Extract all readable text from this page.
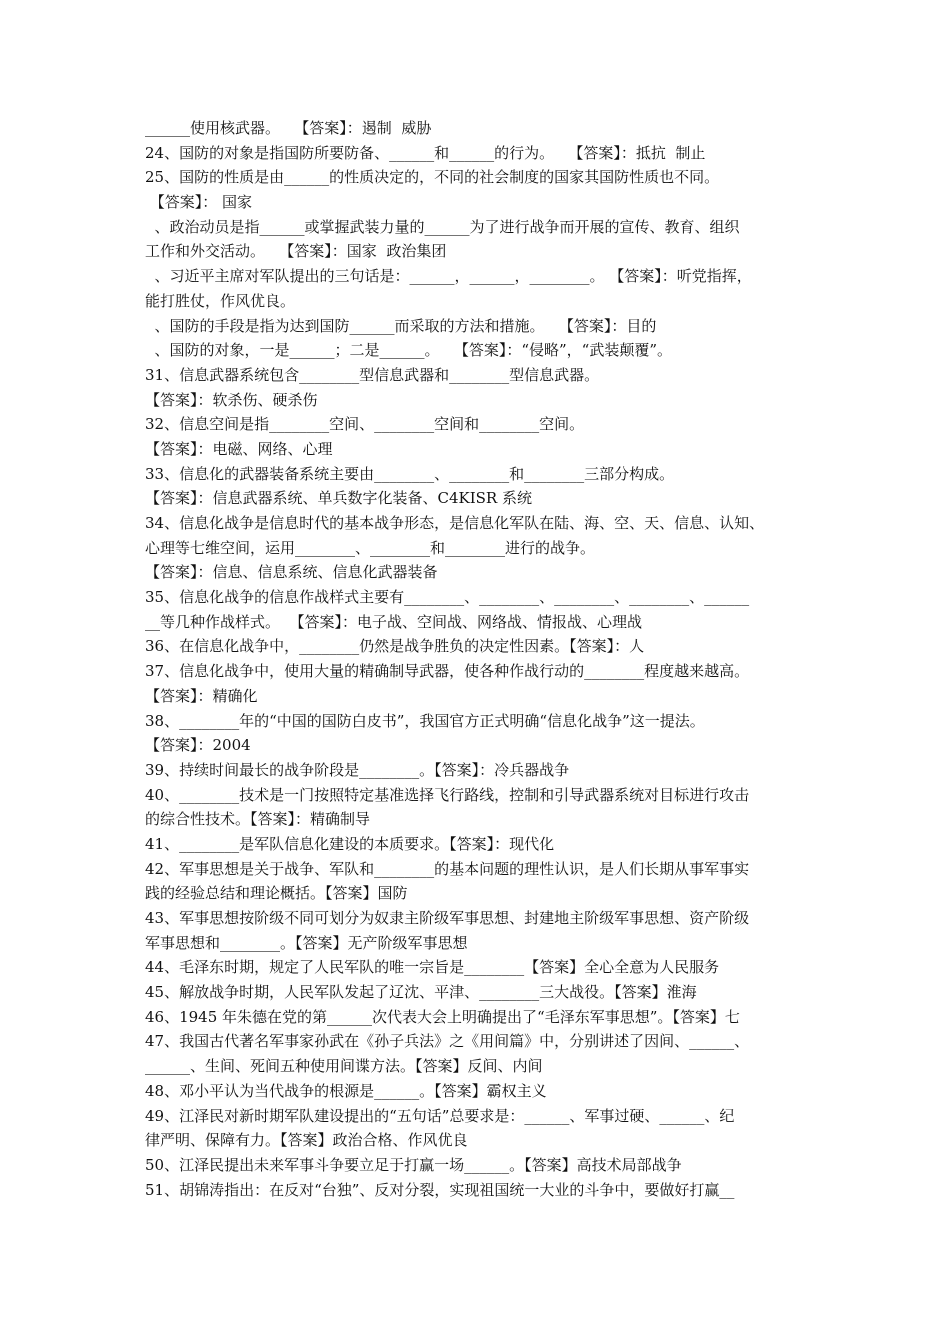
______使用核武器。   【答案】：遏制  威胁
24、国防的对象是指国防所要防备、______和______的行为。   【答案】：抵抗  制止
25、国防的性质是由______的性质决定的，不同的社会制度的国家其国防性质也不同。
【答案】： 国家
、政治动员是指______或掌握武装力量的______为了进行战争而开展的宣传、教育、组织
工作和外交活动。   【答案】：国家  政治集团
、习近平主席对军队提出的三句话是：______，______，________。 【答案】：听党指挥，
能打胜仗，作风优良。
、国防的手段是指为达到国防______而采取的方法和措施。   【答案】：目的
、国防的对象，一是______；二是______。   【答案】：“侵略”，“武装颠覆”。
31、信息武器系统包含________型信息武器和________型信息武器。
【答案】：软杀伤、硬杀伤
32、信息空间是指________空间、________空间和________空间。
【答案】：电磁、网络、心理
33、信息化的武器装备系统主要由________、________和________三部分构成。
【答案】：信息武器系统、单兵数字化装备、C4KISR 系统
34、信息化战争是信息时代的基本战争形态，是信息化军队在陆、海、空、天、信息、认知、
心理等七维空间，运用________、________和________进行的战争。
【答案】：信息、信息系统、信息化武器装备
35、信息化战争的信息作战样式主要有________、________、________、________、______
__等几种作战样式。  【答案】：电子战、空间战、网络战、情报战、心理战
36、在信息化战争中，________仍然是战争胜负的决定性因素。【答案】：人
37、信息化战争中，使用大量的精确制导武器，使各种作战行动的________程度越来越高。
【答案】：精确化
38、________年的“中国的国防白皮书”，我国官方正式明确“信息化战争”这一提法。
【答案】：2004
39、持续时间最长的战争阶段是________。【答案】：冷兵器战争
40、________技术是一门按照特定基准选择飞行路线，控制和引导武器系统对目标进行攻击
的综合性技术。【答案】：精确制导
41、________是军队信息化建设的本质要求。【答案】：现代化
42、军事思想是关于战争、军队和________的基本问题的理性认识，是人们长期从事军事实
践的经验总结和理论概括。【答案】国防
43、军事思想按阶级不同可划分为奴隶主阶级军事思想、封建地主阶级军事思想、资产阶级
军事思想和________。【答案】无产阶级军事思想
44、毛泽东时期，规定了人民军队的唯一宗旨是________【答案】全心全意为人民服务
45、解放战争时期，人民军队发起了辽沈、平津、________三大战役。【答案】淮海
46、1945 年朱德在党的第______次代表大会上明确提出了“毛泽东军事思想”。【答案】七
47、我国古代著名军事家孙武在《孙子兵法》之《用间篇》中，分别讲述了因间、______、
______、生间、死间五种使用间谍方法。【答案】反间、内间
48、邓小平认为当代战争的根源是______。【答案】霸权主义
49、江泽民对新时期军队建设提出的“五句话”总要求是：______、军事过硬、______、纪
律严明、保障有力。【答案】政治合格、作风优良
50、江泽民提出未来军事斗争要立足于打赢一场______。【答案】高技术局部战争
51、胡锦涛指出：在反对“台独”、反对分裂，实现祖国统一大业的斗争中，要做好打赢__
